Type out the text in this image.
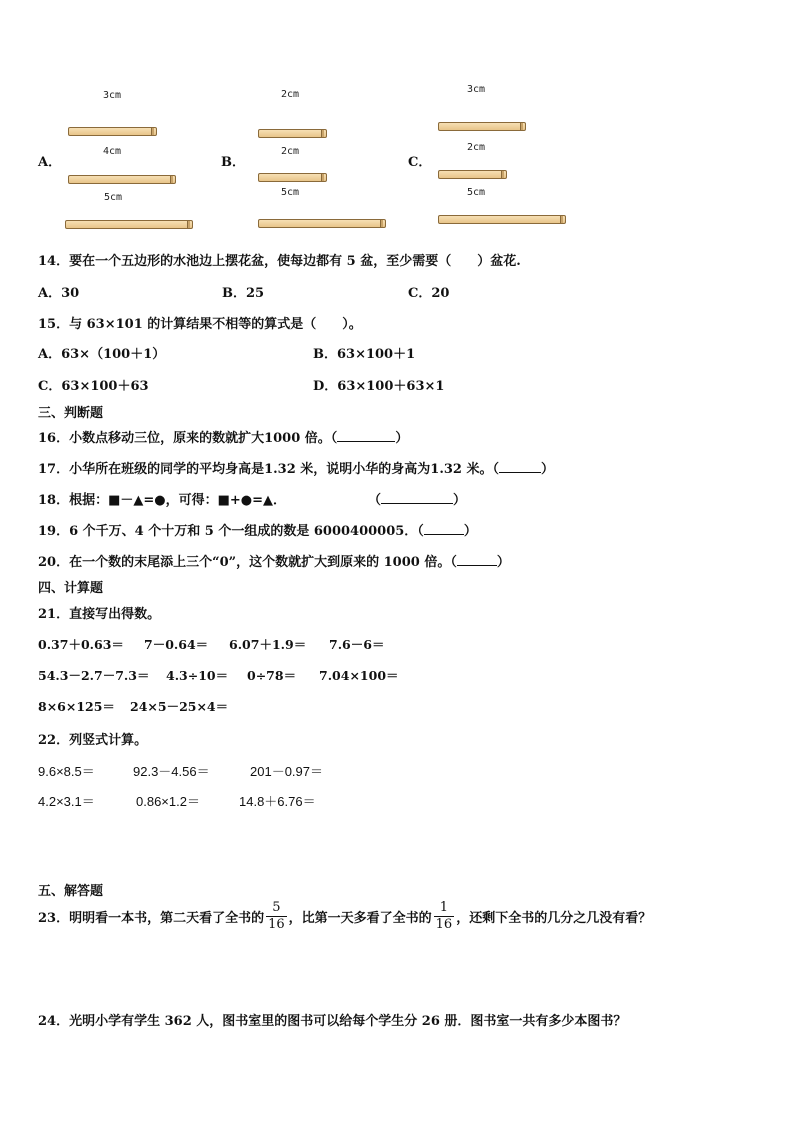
3cm
A．
4cm
5cm
2cm
B．
2cm
5cm
3cm
C．
2cm
5cm
14．要在一个五边形的水池边上摆花盆，使每边都有 5 盆，至少需要（　　）盆花.
A．30	B．25	C．20
15．与 63×101 的计算结果不相等的算式是（　　）。
A．63×（100＋1）	B．63×100＋1
C．63×100＋63	D．63×100＋63×1
三、判断题
16．小数点移动三位，原来的数就扩大1000 倍。（	）
17．小华所在班级的同学的平均身高是1.32 米，说明小华的身高为1.32 米。（	）
18．根据：■－▲=●，可得：■+●=▲．	（	）
19．6 个千万、4 个十万和 5 个一组成的数是 6000400005．（	）
20．在一个数的末尾添上三个“0”，这个数就扩大到原来的 1000 倍。（	）
四、计算题
21．直接写出得数。
0.37＋0.63＝ 7－0.64＝ 6.07＋1.9＝ 7.6－6＝
54.3－2.7－7.3＝ 4.3÷10＝ 0÷78＝ 7.04×100＝
8×6×125＝ 24×5－25×4＝
22．列竖式计算。
9.6×8.5＝	92.3－4.56＝	201－0.97＝
4.2×3.1＝	0.86×1.2＝	14.8＋6.76＝
五、解答题
23．明明看一本书，第二天看了全书的 $\frac{5}{16}$ ，比第一天多看了全书的 $\frac{1}{16}$ ，还剩下全书的几分之几没有看？
24．光明小学有学生 362 人，图书室里的图书可以给每个学生分 26 册．图书室一共有多少本图书？
